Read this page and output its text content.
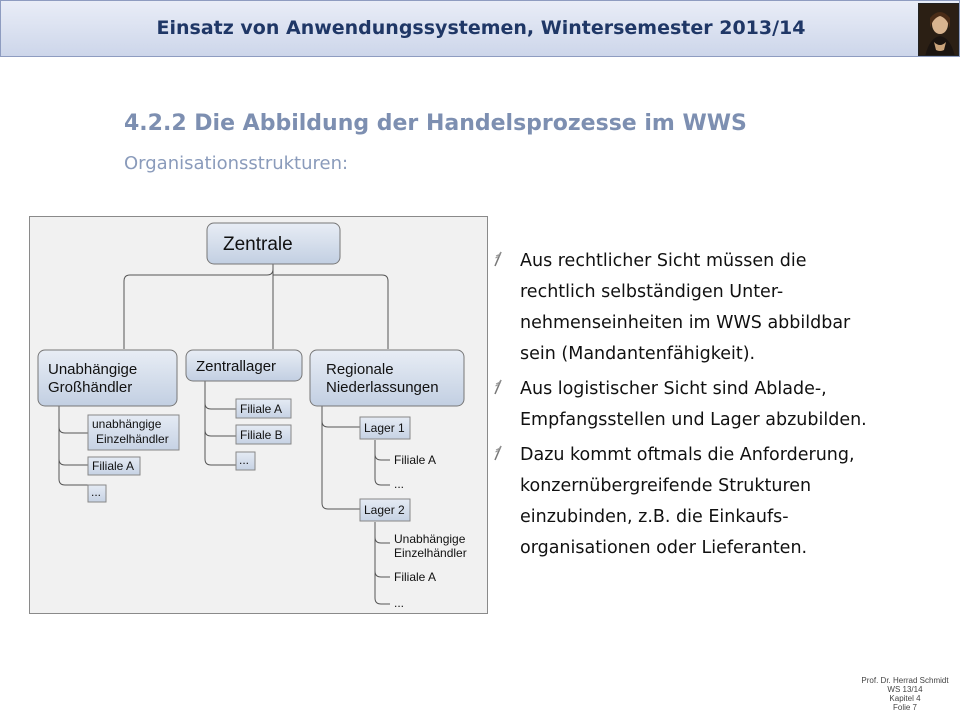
Einsatz von Anwendungssystemen, Wintersemester 2013/14
4.2.2 Die Abbildung der Handelsprozesse im WWS
Organisationsstrukturen:
Zentrale
Unabhängige
Großhändler
unabhängige
Einzelhändler
Filiale A
...
Zentrallager
Filiale A
Filiale B
...
Regionale
Niederlassungen
Lager 1
Filiale A
...
Lager 2
Unabhängige
Einzelhändler
Filiale A
...
Aus rechtlicher Sicht müssen die
rechtlich selbständigen Unter-
nehmenseinheiten im WWS abbildbar
sein (Mandantenfähigkeit).
Aus logistischer Sicht sind Ablade-,
Empfangsstellen und Lager abzubilden.
Dazu kommt oftmals die Anforderung,
konzernübergreifende Strukturen
einzubinden, z.B. die Einkaufs-
organisationen oder Lieferanten.
Prof. Dr. Herrad Schmidt
WS 13/14
Kapitel 4
Folie 7
